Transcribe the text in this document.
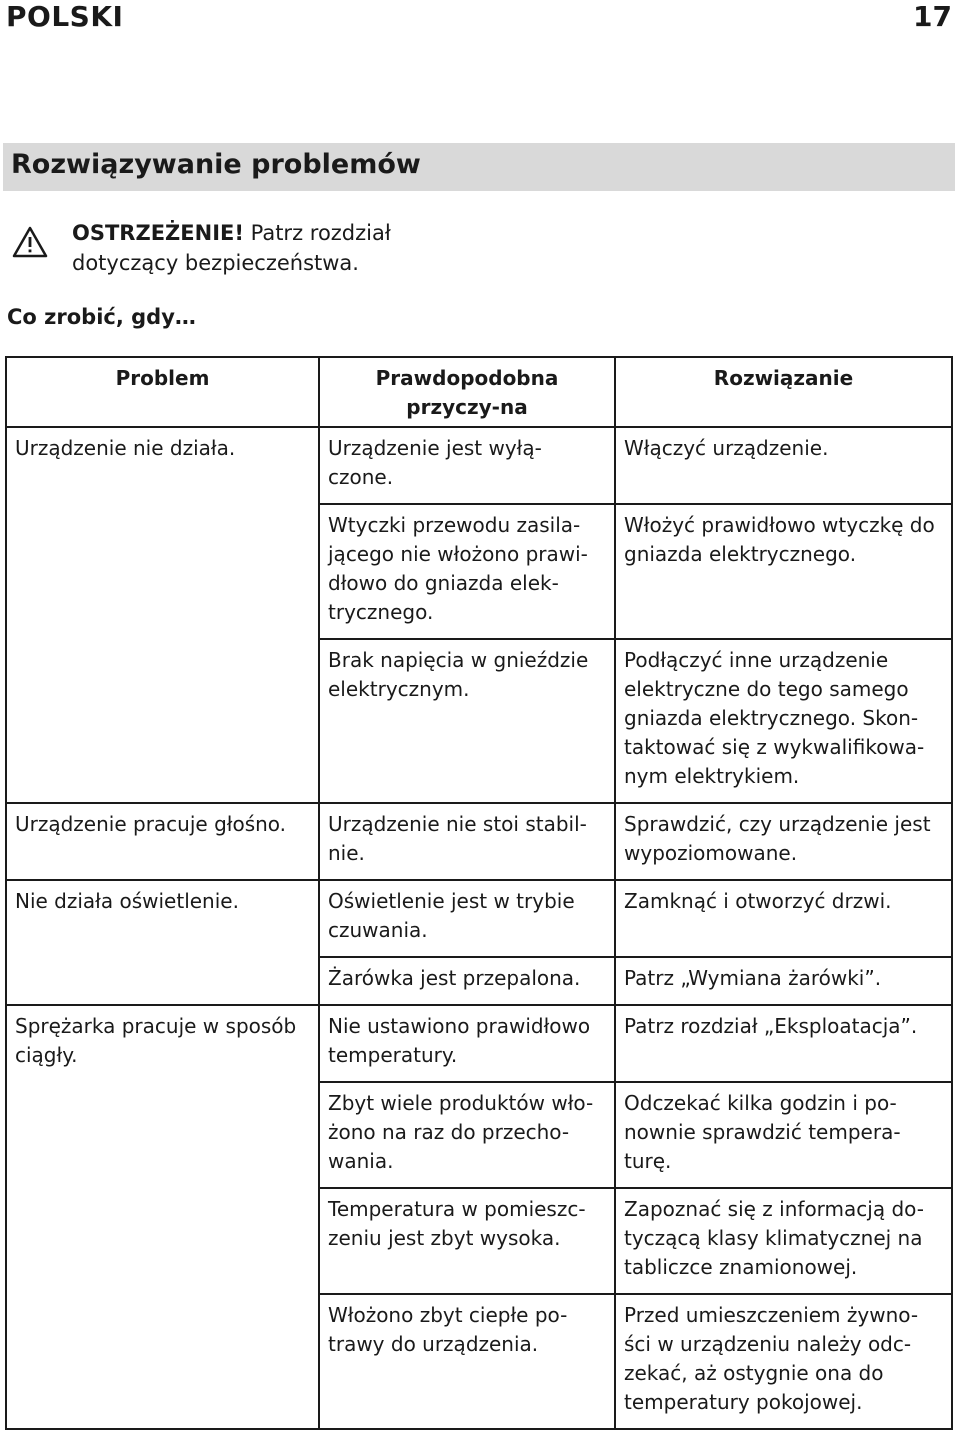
POLSKI	17
Rozwiązywanie problemów
OSTRZEŻENIE! Patrz rozdział
dotyczący bezpieczeństwa.
Co zrobić, gdy…
Problem	Prawdopodobna przyczy-na	Rozwiązanie
Urządzenie nie działa.	Urządzenie jest wyłą-czone.	Włączyć urządzenie.
	Wtyczki przewodu zasila-jącego nie włożono prawi-dłowo do gniazda elek-trycznego.	Włożyć prawidłowo wtyczkę do gniazda elektrycznego.
	Brak napięcia w gnieździe elektrycznym.	Podłączyć inne urządzenie elektryczne do tego samego gniazda elektrycznego. Skon-taktować się z wykwalifikowa-nym elektrykiem.
Urządzenie pracuje głośno.	Urządzenie nie stoi stabil-nie.	Sprawdzić, czy urządzenie jest wypoziomowane.
Nie działa oświetlenie.	Oświetlenie jest w trybie czuwania.	Zamknąć i otworzyć drzwi.
	Żarówka jest przepalona.	Patrz „Wymiana żarówki”.
Sprężarka pracuje w sposób ciągły.	Nie ustawiono prawidłowo temperatury.	Patrz rozdział „Eksploatacja”.
	Zbyt wiele produktów wło-żono na raz do przecho-wania.	Odczekać kilka godzin i po-nownie sprawdzić tempera-turę.
	Temperatura w pomieszc-zeniu jest zbyt wysoka.	Zapoznać się z informacją do-tyczącą klasy klimatycznej na tabliczce znamionowej.
	Włożono zbyt ciepłe po-trawy do urządzenia.	Przed umieszczeniem żywno-ści w urządzeniu należy odc-zekać, aż ostygnie ona do temperatury pokojowej.
